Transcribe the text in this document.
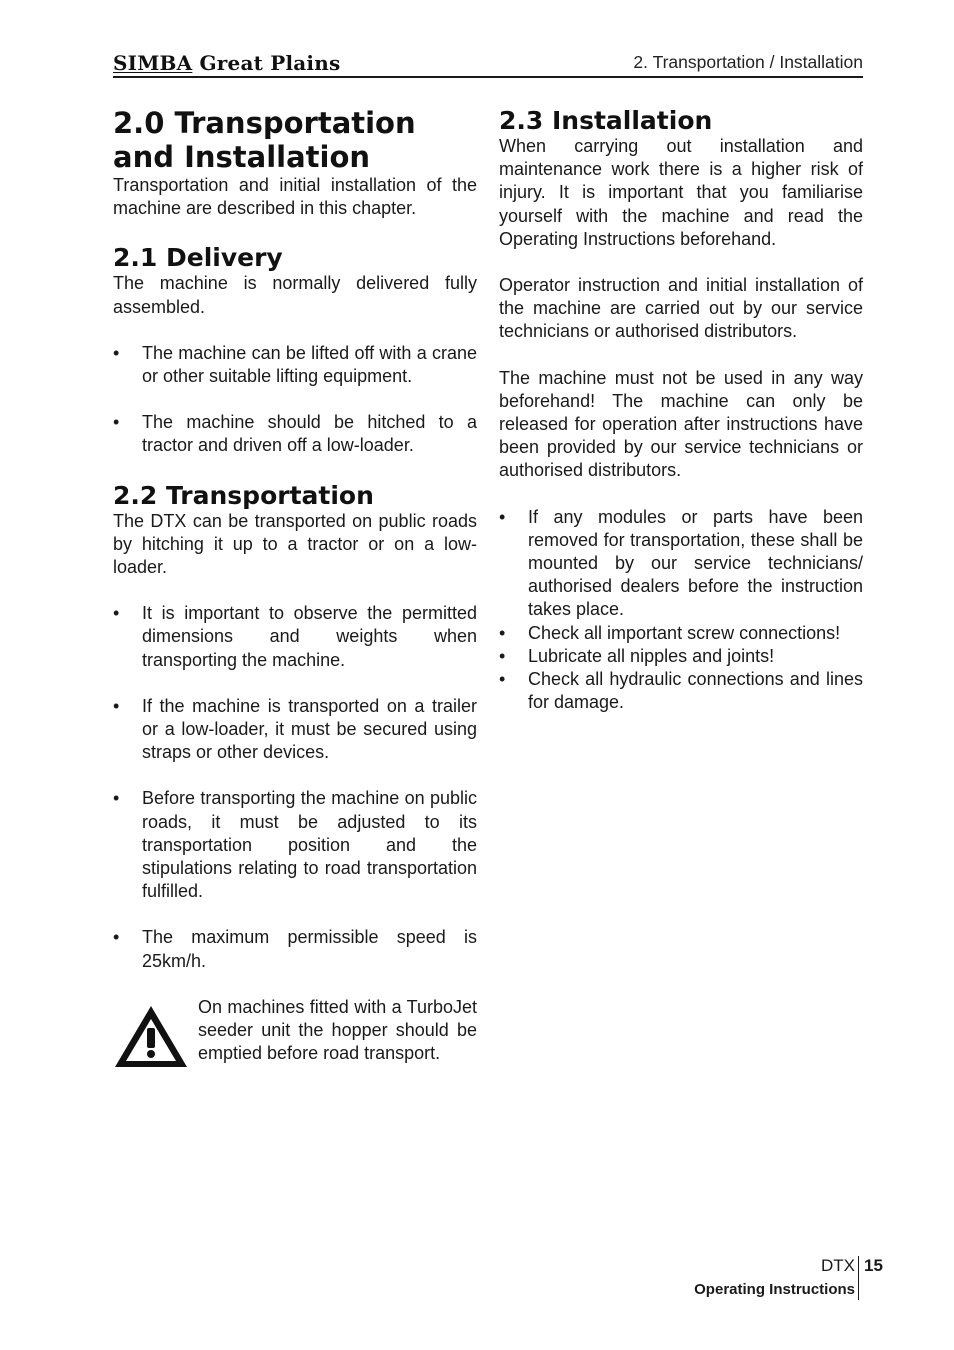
SIMBA Great Plains	2. Transportation / Installation
2.0 Transportation
and Installation

Transportation and initial installation of the machine are described in this chapter.

2.1 Delivery

The machine is normally delivered fully assembled.

• The machine can be lifted off with a crane or other suitable lifting equipment.
• The machine should be hitched to a tractor and driven off a low-loader.
2.2 Transportation

The DTX can be transported on public roads by hitching it up to a tractor or on a low-loader.

• It is important to observe the permitted dimensions and weights when transporting the machine.
• If the machine is transported on a trailer or a low-loader, it must be secured using straps or other devices.
• Before transporting the machine on public roads, it must be adjusted to its transportation position and the stipulations relating to road transportation fulfilled.
• The maximum permissible speed is 25km/h.

On machines fitted with a TurboJet seeder unit the hopper should be emptied before road transport.

2.3 Installation

When carrying out installation and maintenance work there is a higher risk of injury. It is important that you familiarise yourself with the machine and read the Operating Instructions beforehand.

Operator instruction and initial installation of the machine are carried out by our service technicians or authorised distributors.

The machine must not be used in any way beforehand! The machine can only be released for operation after instructions have been provided by our service technicians or authorised distributors.

• If any modules or parts have been removed for transportation, these shall be mounted by our service technicians/ authorised dealers before the instruction takes place.
• Check all important screw connections!
• Lubricate all nipples and joints!
• Check all hydraulic connections and lines for damage.
DTX
Operating Instructions
15
